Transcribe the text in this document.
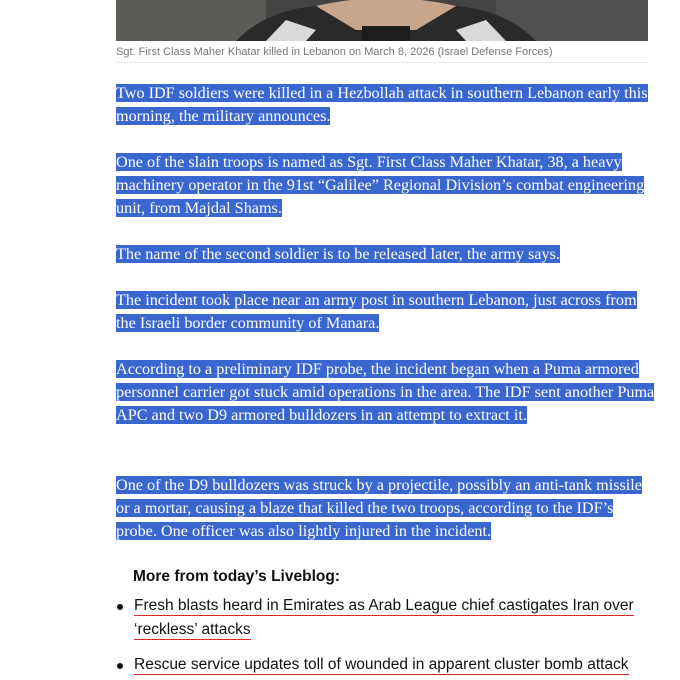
Sgt. First Class Maher Khatar killed in Lebanon on March 8, 2026 (Israel Defense Forces)

Two IDF soldiers were killed in a Hezbollah attack in southern Lebanon early this morning, the military announces.

One of the slain troops is named as Sgt. First Class Maher Khatar, 38, a heavy machinery operator in the 91st “Galilee” Regional Division’s combat engineering unit, from Majdal Shams.

The name of the second soldier is to be released later, the army says.

The incident took place near an army post in southern Lebanon, just across from the Israeli border community of Manara.

According to a preliminary IDF probe, the incident began when a Puma armored personnel carrier got stuck amid operations in the area. The IDF sent another Puma APC and two D9 armored bulldozers in an attempt to extract it.

One of the D9 bulldozers was struck by a projectile, possibly an anti-tank missile or a mortar, causing a blaze that killed the two troops, according to the IDF’s probe. One officer was also lightly injured in the incident.

More from today’s Liveblog:

Fresh blasts heard in Emirates as Arab League chief castigates Iran over ‘reckless’ attacks
Rescue service updates toll of wounded in apparent cluster bomb attack
